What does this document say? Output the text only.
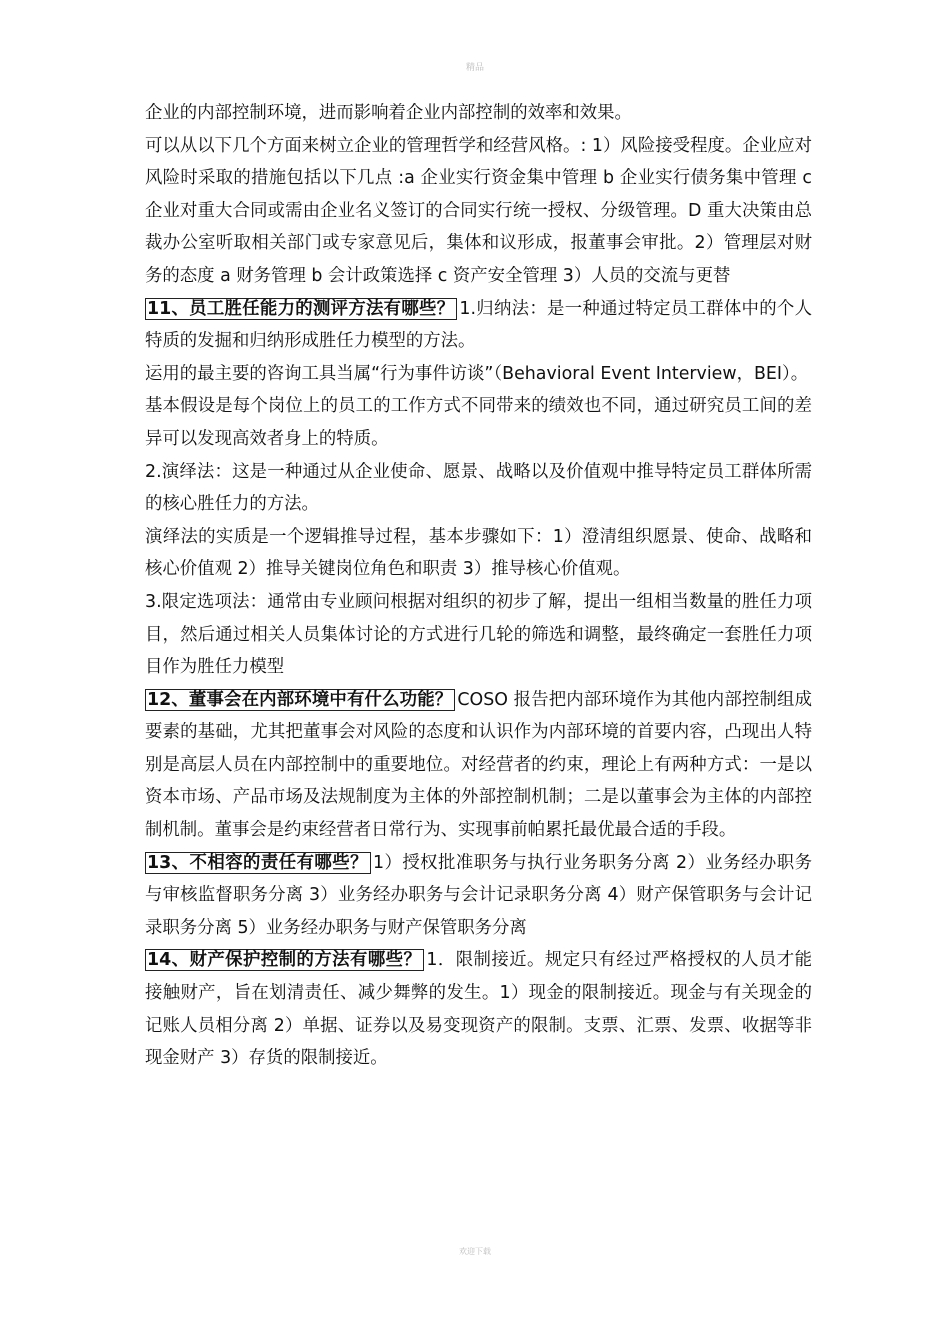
精品

企业的内部控制环境，进而影响着企业内部控制的效率和效果。

可以从以下几个方面来树立企业的管理哲学和经营风格。: 1）风险接受程度。企业应对风险时采取的措施包括以下几点 :a 企业实行资金集中管理 b 企业实行债务集中管理 c 企业对重大合同或需由企业名义签订的合同实行统一授权、分级管理。D 重大决策由总裁办公室听取相关部门或专家意见后，集体和议形成，报董事会审批。2）管理层对财务的态度 a 财务管理 b 会计政策选择 c 资产安全管理 3）人员的交流与更替

11、员工胜任能力的测评方法有哪些？ 1.归纳法：是一种通过特定员工群体中的个人特质的发掘和归纳形成胜任力模型的方法。

运用的最主要的咨询工具当属“行为事件访谈”（Behavioral Event Interview，BEI）。

基本假设是每个岗位上的员工的工作方式不同带来的绩效也不同，通过研究员工间的差异可以发现高效者身上的特质。

2.演绎法：这是一种通过从企业使命、愿景、战略以及价值观中推导特定员工群体所需的核心胜任力的方法。

演绎法的实质是一个逻辑推导过程，基本步骤如下：1）澄清组织愿景、使命、战略和核心价值观 2）推导关键岗位角色和职责 3）推导核心价值观。

3.限定选项法：通常由专业顾问根据对组织的初步了解，提出一组相当数量的胜任力项目，然后通过相关人员集体讨论的方式进行几轮的筛选和调整，最终确定一套胜任力项目作为胜任力模型

12、董事会在内部环境中有什么功能？ COSO 报告把内部环境作为其他内部控制组成要素的基础，尤其把董事会对风险的态度和认识作为内部环境的首要内容，凸现出人特别是高层人员在内部控制中的重要地位。对经营者的约束，理论上有两种方式：一是以资本市场、产品市场及法规制度为主体的外部控制机制；二是以董事会为主体的内部控制机制。董事会是约束经营者日常行为、实现事前帕累托最优最合适的手段。

13、不相容的责任有哪些？ 1）授权批准职务与执行业务职务分离 2）业务经办职务与审核监督职务分离 3）业务经办职务与会计记录职务分离 4）财产保管职务与会计记录职务分离 5）业务经办职务与财产保管职务分离

14、财产保护控制的方法有哪些？ 1．限制接近。规定只有经过严格授权的人员才能接触财产，旨在划清责任、减少舞弊的发生。1）现金的限制接近。现金与有关现金的记账人员相分离 2）单据、证券以及易变现资产的限制。支票、汇票、发票、收据等非现金财产 3）存货的限制接近。

欢迎下载
